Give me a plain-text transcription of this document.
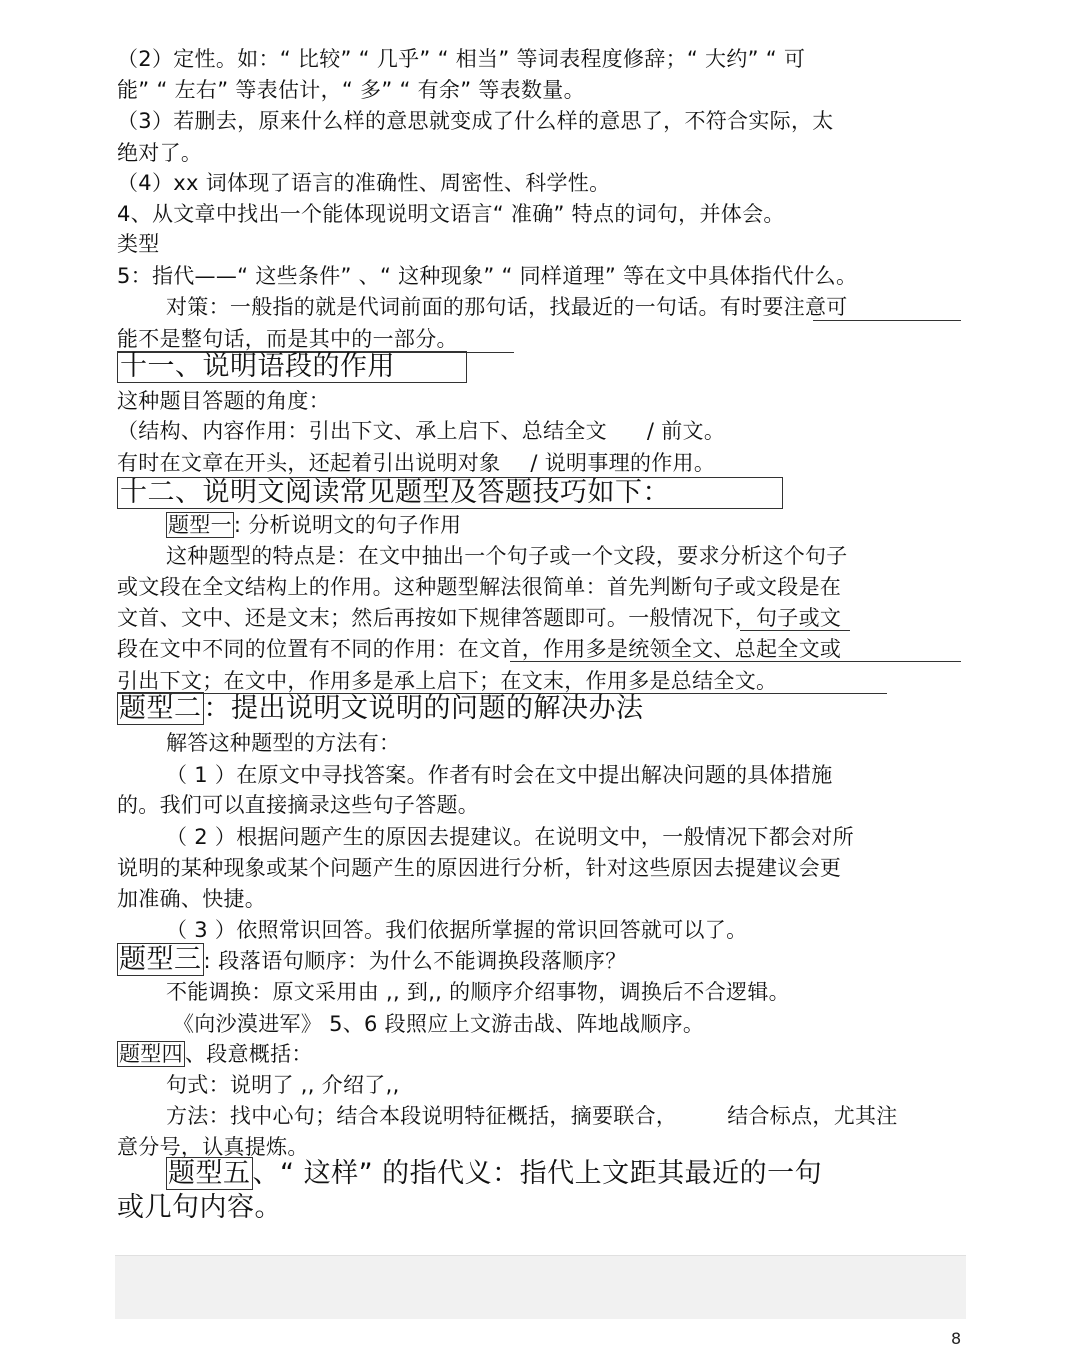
（2）定性。如：“ 比较” “ 几乎” “ 相当” 等词表程度修辞；“ 大约” “ 可
能” “ 左右” 等表估计，“ 多” “ 有余” 等表数量。
（3）若删去，原来什么样的意思就变成了什么样的意思了，不符合实际，太
绝对了。
（4）xx 词体现了语言的准确性、周密性、科学性。
4、从文章中找出一个能体现说明文语言“ 准确” 特点的词句，并体会。
类型
5：指代——“ 这些条件” 、“ 这种现象” “ 同样道理” 等在文中具体指代什么。
对策：一般指的就是代词前面的那句话，找最近的一句话。有时要注意可
能不是整句话，而是其中的一部分。
十一、说明语段的作用
这种题目答题的角度：
（结构、内容作用：引出下文、承上启下、总结全文 / 前文。
有时在文章在开头，还起着引出说明对象 / 说明事理的作用。
十二、说明文阅读常见题型及答题技巧如下：
题型一: 分析说明文的句子作用
这种题型的特点是：在文中抽出一个句子或一个文段，要求分析这个句子
或文段在全文结构上的作用。这种题型解法很简单：首先判断句子或文段是在
文首、文中、还是文末；然后再按如下规律答题即可。一般情况下，句子或文
段在文中不同的位置有不同的作用：在文首，作用多是统领全文、总起全文或
引出下文；在文中，作用多是承上启下；在文末，作用多是总结全文。
题型二：提出说明文说明的问题的解决办法
解答这种题型的方法有：
（ 1 ）在原文中寻找答案。作者有时会在文中提出解决问题的具体措施
的。我们可以直接摘录这些句子答题。
（ 2 ）根据问题产生的原因去提建议。在说明文中，一般情况下都会对所
说明的某种现象或某个问题产生的原因进行分析，针对这些原因去提建议会更
加准确、快捷。
（ 3 ）依照常识回答。我们依据所掌握的常识回答就可以了。
题型三: 段落语句顺序：为什么不能调换段落顺序？
不能调换：原文采用由 ,, 到,, 的顺序介绍事物，调换后不合逻辑。
《向沙漠进军》 5、6 段照应上文游击战、阵地战顺序。
题型四、段意概括：
句式：说明了 ,, 介绍了,,
方法：找中心句；结合本段说明特征概括，摘要联合， 结合标点，尤其注
意分号，认真提炼。
题型五、“ 这样” 的指代义：指代上文距其最近的一句
或几句内容。
8
